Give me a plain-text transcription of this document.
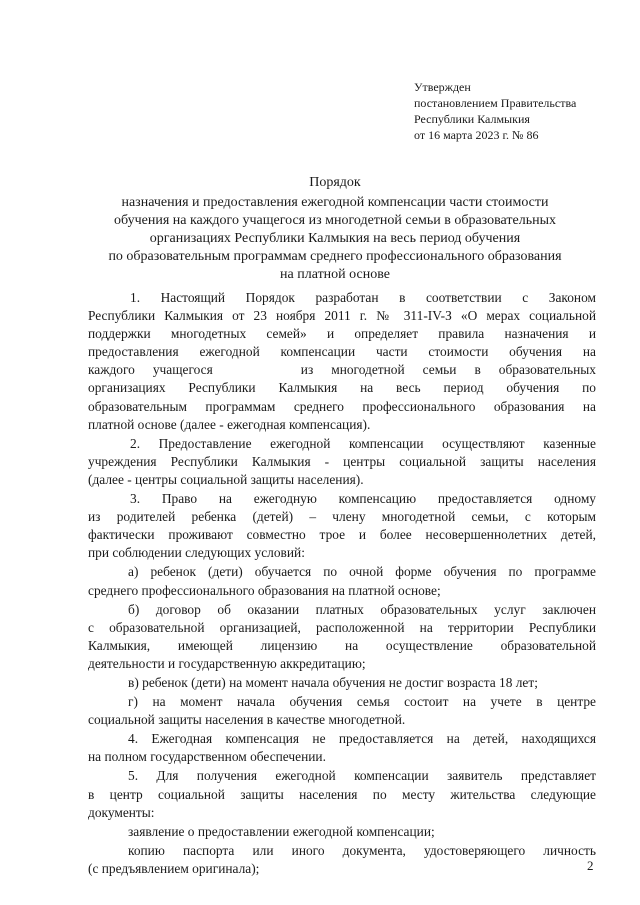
Утвержден
постановлением Правительства
Республики Калмыкия
от 16 марта 2023 г. № 86
Порядок
назначения и предоставления ежегодной компенсации части стоимости
обучения на каждого учащегося из многодетной семьи в образовательных
организациях Республики Калмыкия на весь период обучения
по образовательным программам среднего профессионального образования
на платной основе
1. Настоящий Порядок разработан в соответствии с Законом
Республики Калмыкия от 23 ноября 2011 г. № 311-IV-З «О мерах социальной
поддержки многодетных семей» и определяет правила назначения и
предоставления ежегодной компенсации части стоимости обучения на
каждого учащегося	из многодетной семьи в образовательных
организациях Республики Калмыкия на весь период обучения по
образовательным программам среднего профессионального образования на
платной основе (далее - ежегодная компенсация).
2. Предоставление ежегодной компенсации осуществляют казенные
учреждения Республики Калмыкия - центры социальной защиты населения
(далее - центры социальной защиты населения).
3. Право на ежегодную компенсацию предоставляется одному
из родителей ребенка (детей) – члену многодетной семьи, с которым
фактически проживают совместно трое и более несовершеннолетних детей,
при соблюдении следующих условий:
а) ребенок (дети) обучается по очной форме обучения по программе
среднего профессионального образования на платной основе;
б) договор об оказании платных образовательных услуг заключен
с образовательной организацией, расположенной на территории Республики
Калмыкия, имеющей лицензию на осуществление образовательной
деятельности и государственную аккредитацию;
в) ребенок (дети) на момент начала обучения не достиг возраста 18 лет;
г) на момент начала обучения семья состоит на учете в центре
социальной защиты населения в качестве многодетной.
4. Ежегодная компенсация не предоставляется на детей, находящихся
на полном государственном обеспечении.
5. Для получения ежегодной компенсации заявитель представляет
в центр социальной защиты населения по месту жительства следующие
документы:
заявление о предоставлении ежегодной компенсации;
копию паспорта или иного документа, удостоверяющего личность
(с предъявлением оригинала);	2
